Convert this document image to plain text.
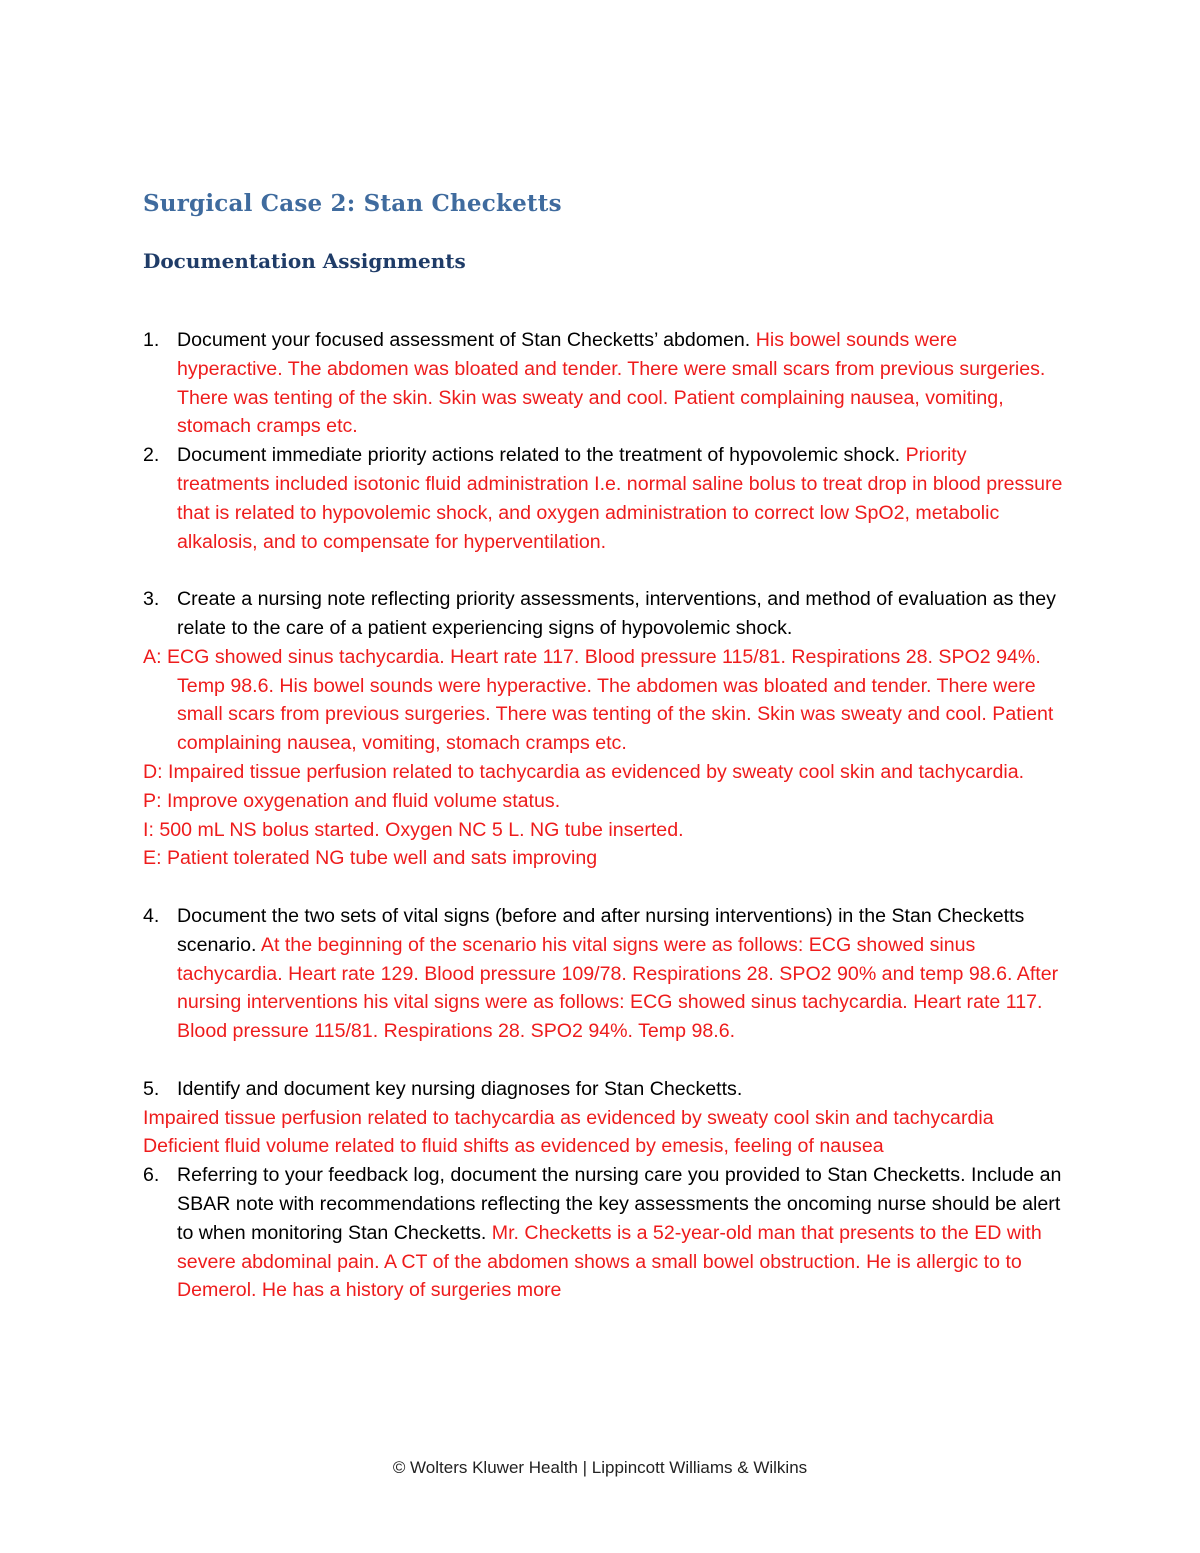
Surgical Case 2: Stan Checketts
Documentation Assignments
1. Document your focused assessment of Stan Checketts’ abdomen. His bowel sounds were hyperactive. The abdomen was bloated and tender. There were small scars from previous surgeries. There was tenting of the skin. Skin was sweaty and cool. Patient complaining nausea, vomiting, stomach cramps etc.
2. Document immediate priority actions related to the treatment of hypovolemic shock. Priority treatments included isotonic fluid administration I.e. normal saline bolus to treat drop in blood pressure that is related to hypovolemic shock, and oxygen administration to correct low SpO2, metabolic alkalosis, and to compensate for hyperventilation.
3. Create a nursing note reflecting priority assessments, interventions, and method of evaluation as they relate to the care of a patient experiencing signs of hypovolemic shock.
A: ECG showed sinus tachycardia. Heart rate 117. Blood pressure 115/81. Respirations 28. SPO2 94%. Temp 98.6. His bowel sounds were hyperactive. The abdomen was bloated and tender. There were small scars from previous surgeries. There was tenting of the skin. Skin was sweaty and cool. Patient complaining nausea, vomiting, stomach cramps etc.
D: Impaired tissue perfusion related to tachycardia as evidenced by sweaty cool skin and tachycardia.
P: Improve oxygenation and fluid volume status.
I: 500 mL NS bolus started. Oxygen NC 5 L. NG tube inserted.
E: Patient tolerated NG tube well and sats improving
4. Document the two sets of vital signs (before and after nursing interventions) in the Stan Checketts scenario. At the beginning of the scenario his vital signs were as follows: ECG showed sinus tachycardia. Heart rate 129. Blood pressure 109/78. Respirations 28. SPO2 90% and temp 98.6. After nursing interventions his vital signs were as follows: ECG showed sinus tachycardia. Heart rate 117. Blood pressure 115/81. Respirations 28. SPO2 94%. Temp 98.6.
5. Identify and document key nursing diagnoses for Stan Checketts.
Impaired tissue perfusion related to tachycardia as evidenced by sweaty cool skin and tachycardia
Deficient fluid volume related to fluid shifts as evidenced by emesis, feeling of nausea
6. Referring to your feedback log, document the nursing care you provided to Stan Checketts. Include an SBAR note with recommendations reflecting the key assessments the oncoming nurse should be alert to when monitoring Stan Checketts. Mr. Checketts is a 52-year-old man that presents to the ED with severe abdominal pain. A CT of the abdomen shows a small bowel obstruction. He is allergic to to Demerol. He has a history of surgeries more
© Wolters Kluwer Health | Lippincott Williams & Wilkins
